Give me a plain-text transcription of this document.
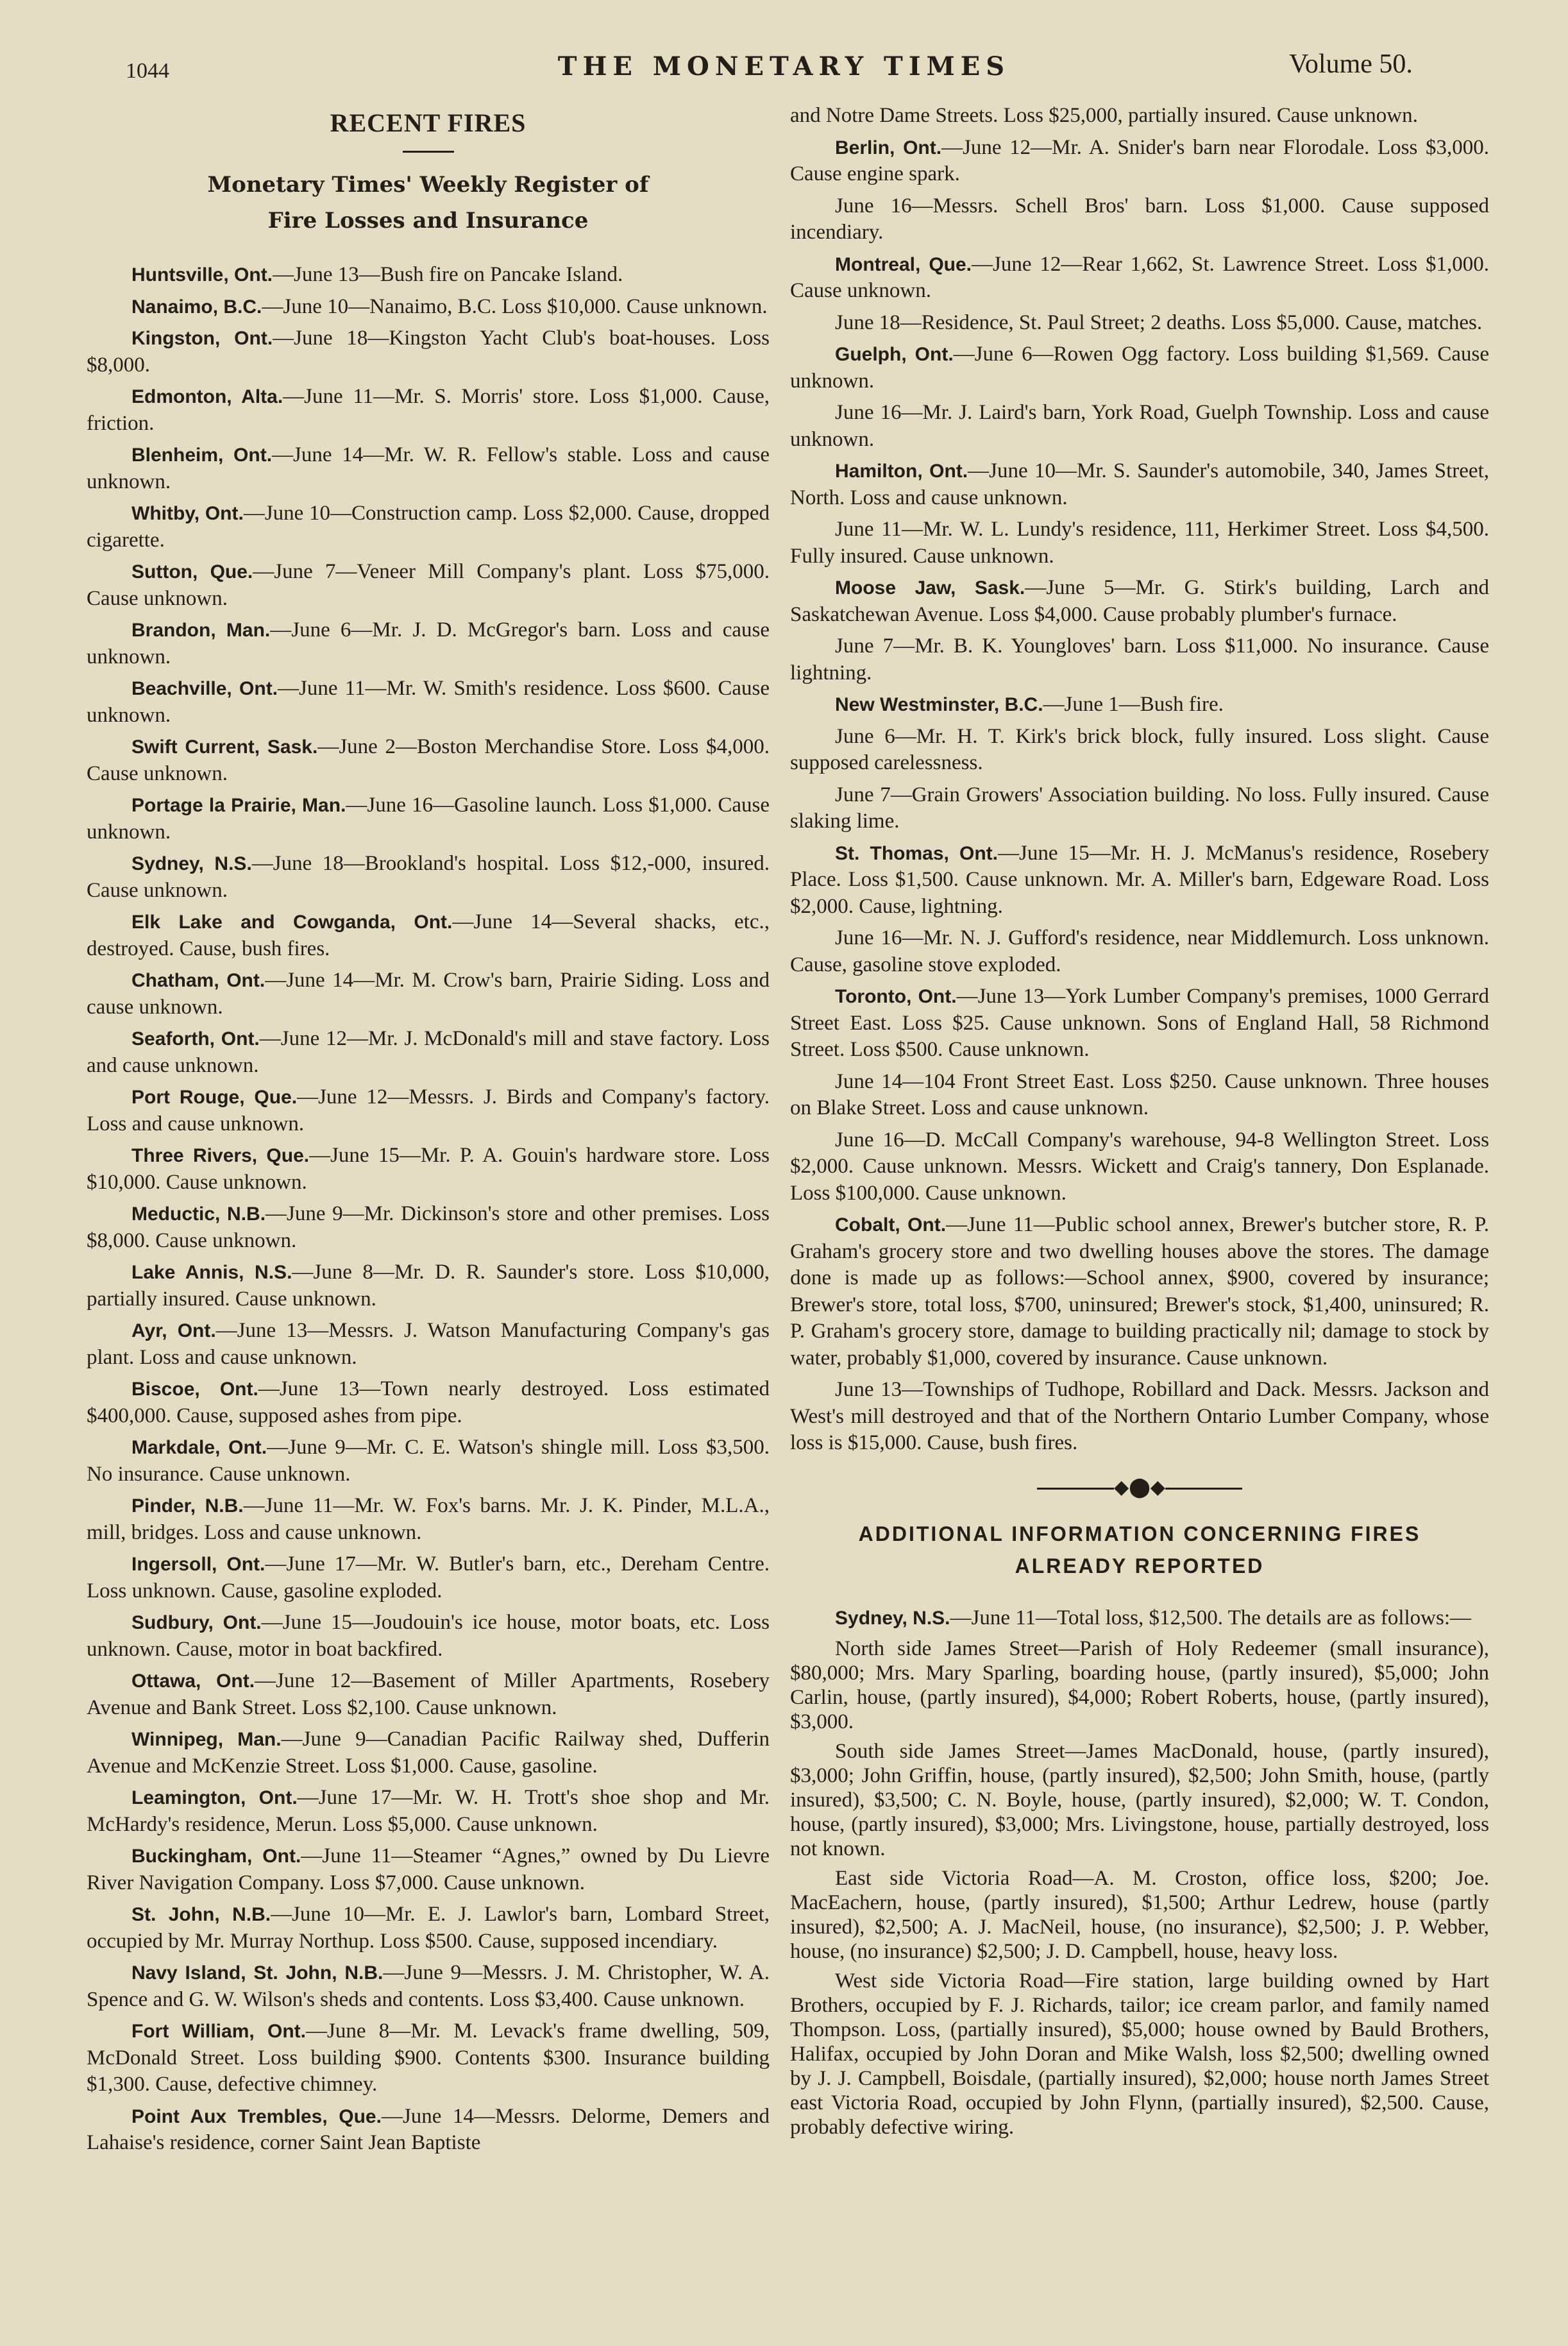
1044	THE MONETARY TIMES	Volume 50.
RECENT FIRES
Monetary Times' Weekly Register of Fire Losses and Insurance
Huntsville, Ont.—June 13—Bush fire on Pancake Island.
Nanaimo, B.C.—June 10—Nanaimo, B.C. Loss $10,000. Cause unknown.
Kingston, Ont.—June 18—Kingston Yacht Club's boat-houses. Loss $8,000.
Edmonton, Alta.—June 11—Mr. S. Morris' store. Loss $1,000. Cause, friction.
Blenheim, Ont.—June 14—Mr. W. R. Fellow's stable. Loss and cause unknown.
Whitby, Ont.—June 10—Construction camp. Loss $2,000. Cause, dropped cigarette.
Sutton, Que.—June 7—Veneer Mill Company's plant. Loss $75,000. Cause unknown.
Brandon, Man.—June 6—Mr. J. D. McGregor's barn. Loss and cause unknown.
Beachville, Ont.—June 11—Mr. W. Smith's residence. Loss $600. Cause unknown.
Swift Current, Sask.—June 2—Boston Merchandise Store. Loss $4,000. Cause unknown.
Portage la Prairie, Man.—June 16—Gasoline launch. Loss $1,000. Cause unknown.
Sydney, N.S.—June 18—Brookland's hospital. Loss $12,-000, insured. Cause unknown.
Elk Lake and Cowganda, Ont.—June 14—Several shacks, etc., destroyed. Cause, bush fires.
Chatham, Ont.—June 14—Mr. M. Crow's barn, Prairie Siding. Loss and cause unknown.
Seaforth, Ont.—June 12—Mr. J. McDonald's mill and stave factory. Loss and cause unknown.
Port Rouge, Que.—June 12—Messrs. J. Birds and Company's factory. Loss and cause unknown.
Three Rivers, Que.—June 15—Mr. P. A. Gouin's hardware store. Loss $10,000. Cause unknown.
Meductic, N.B.—June 9—Mr. Dickinson's store and other premises. Loss $8,000. Cause unknown.
Lake Annis, N.S.—June 8—Mr. D. R. Saunder's store. Loss $10,000, partially insured. Cause unknown.
Ayr, Ont.—June 13—Messrs. J. Watson Manufacturing Company's gas plant. Loss and cause unknown.
Biscoe, Ont.—June 13—Town nearly destroyed. Loss estimated $400,000. Cause, supposed ashes from pipe.
Markdale, Ont.—June 9—Mr. C. E. Watson's shingle mill. Loss $3,500. No insurance. Cause unknown.
Pinder, N.B.—June 11—Mr. W. Fox's barns. Mr. J. K. Pinder, M.L.A., mill, bridges. Loss and cause unknown.
Ingersoll, Ont.—June 17—Mr. W. Butler's barn, etc., Dereham Centre. Loss unknown. Cause, gasoline exploded.
Sudbury, Ont.—June 15—Joudouin's ice house, motor boats, etc. Loss unknown. Cause, motor in boat backfired.
Ottawa, Ont.—June 12—Basement of Miller Apartments, Rosebery Avenue and Bank Street. Loss $2,100. Cause unknown.
Winnipeg, Man.—June 9—Canadian Pacific Railway shed, Dufferin Avenue and McKenzie Street. Loss $1,000. Cause, gasoline.
Leamington, Ont.—June 17—Mr. W. H. Trott's shoe shop and Mr. McHardy's residence, Merun. Loss $5,000. Cause unknown.
Buckingham, Ont.—June 11—Steamer “Agnes,” owned by Du Lievre River Navigation Company. Loss $7,000. Cause unknown.
St. John, N.B.—June 10—Mr. E. J. Lawlor's barn, Lombard Street, occupied by Mr. Murray Northup. Loss $500. Cause, supposed incendiary.
Navy Island, St. John, N.B.—June 9—Messrs. J. M. Christopher, W. A. Spence and G. W. Wilson's sheds and contents. Loss $3,400. Cause unknown.
Fort William, Ont.—June 8—Mr. M. Levack's frame dwelling, 509, McDonald Street. Loss building $900. Contents $300. Insurance building $1,300. Cause, defective chimney.
Point Aux Trembles, Que.—June 14—Messrs. Delorme, Demers and Lahaise's residence, corner Saint Jean Baptiste
and Notre Dame Streets. Loss $25,000, partially insured. Cause unknown.
Berlin, Ont.—June 12—Mr. A. Snider's barn near Florodale. Loss $3,000. Cause engine spark.
June 16—Messrs. Schell Bros' barn. Loss $1,000. Cause supposed incendiary.
Montreal, Que.—June 12—Rear 1,662, St. Lawrence Street. Loss $1,000. Cause unknown.
June 18—Residence, St. Paul Street; 2 deaths. Loss $5,000. Cause, matches.
Guelph, Ont.—June 6—Rowen Ogg factory. Loss building $1,569. Cause unknown.
June 16—Mr. J. Laird's barn, York Road, Guelph Township. Loss and cause unknown.
Hamilton, Ont.—June 10—Mr. S. Saunder's automobile, 340, James Street, North. Loss and cause unknown.
June 11—Mr. W. L. Lundy's residence, 111, Herkimer Street. Loss $4,500. Fully insured. Cause unknown.
Moose Jaw, Sask.—June 5—Mr. G. Stirk's building, Larch and Saskatchewan Avenue. Loss $4,000. Cause probably plumber's furnace.
June 7—Mr. B. K. Youngloves' barn. Loss $11,000. No insurance. Cause lightning.
New Westminster, B.C.—June 1—Bush fire.
June 6—Mr. H. T. Kirk's brick block, fully insured. Loss slight. Cause supposed carelessness.
June 7—Grain Growers' Association building. No loss. Fully insured. Cause slaking lime.
St. Thomas, Ont.—June 15—Mr. H. J. McManus's residence, Rosebery Place. Loss $1,500. Cause unknown. Mr. A. Miller's barn, Edgeware Road. Loss $2,000. Cause, lightning.
June 16—Mr. N. J. Gufford's residence, near Middlemurch. Loss unknown. Cause, gasoline stove exploded.
Toronto, Ont.—June 13—York Lumber Company's premises, 1000 Gerrard Street East. Loss $25. Cause unknown. Sons of England Hall, 58 Richmond Street. Loss $500. Cause unknown.
June 14—104 Front Street East. Loss $250. Cause unknown. Three houses on Blake Street. Loss and cause unknown.
June 16—D. McCall Company's warehouse, 94-8 Wellington Street. Loss $2,000. Cause unknown. Messrs. Wickett and Craig's tannery, Don Esplanade. Loss $100,000. Cause unknown.
Cobalt, Ont.—June 11—Public school annex, Brewer's butcher store, R. P. Graham's grocery store and two dwelling houses above the stores. The damage done is made up as follows:—School annex, $900, covered by insurance; Brewer's store, total loss, $700, uninsured; Brewer's stock, $1,400, uninsured; R. P. Graham's grocery store, damage to building practically nil; damage to stock by water, probably $1,000, covered by insurance. Cause unknown.
June 13—Townships of Tudhope, Robillard and Dack. Messrs. Jackson and West's mill destroyed and that of the Northern Ontario Lumber Company, whose loss is $15,000. Cause, bush fires.
◆⬤◆
ADDITIONAL INFORMATION CONCERNING FIRES ALREADY REPORTED
Sydney, N.S.—June 11—Total loss, $12,500. The details are as follows:—
North side James Street—Parish of Holy Redeemer (small insurance), $80,000; Mrs. Mary Sparling, boarding house, (partly insured), $5,000; John Carlin, house, (partly insured), $4,000; Robert Roberts, house, (partly insured), $3,000.
South side James Street—James MacDonald, house, (partly insured), $3,000; John Griffin, house, (partly insured), $2,500; John Smith, house, (partly insured), $3,500; C. N. Boyle, house, (partly insured), $2,000; W. T. Condon, house, (partly insured), $3,000; Mrs. Livingstone, house, partially destroyed, loss not known.
East side Victoria Road—A. M. Croston, office loss, $200; Joe. MacEachern, house, (partly insured), $1,500; Arthur Ledrew, house (partly insured), $2,500; A. J. MacNeil, house, (no insurance), $2,500; J. P. Webber, house, (no insurance) $2,500; J. D. Campbell, house, heavy loss.
West side Victoria Road—Fire station, large building owned by Hart Brothers, occupied by F. J. Richards, tailor; ice cream parlor, and family named Thompson. Loss, (partially insured), $5,000; house owned by Bauld Brothers, Halifax, occupied by John Doran and Mike Walsh, loss $2,500; dwelling owned by J. J. Campbell, Boisdale, (partially insured), $2,000; house north James Street east Victoria Road, occupied by John Flynn, (partially insured), $2,500. Cause, probably defective wiring.
